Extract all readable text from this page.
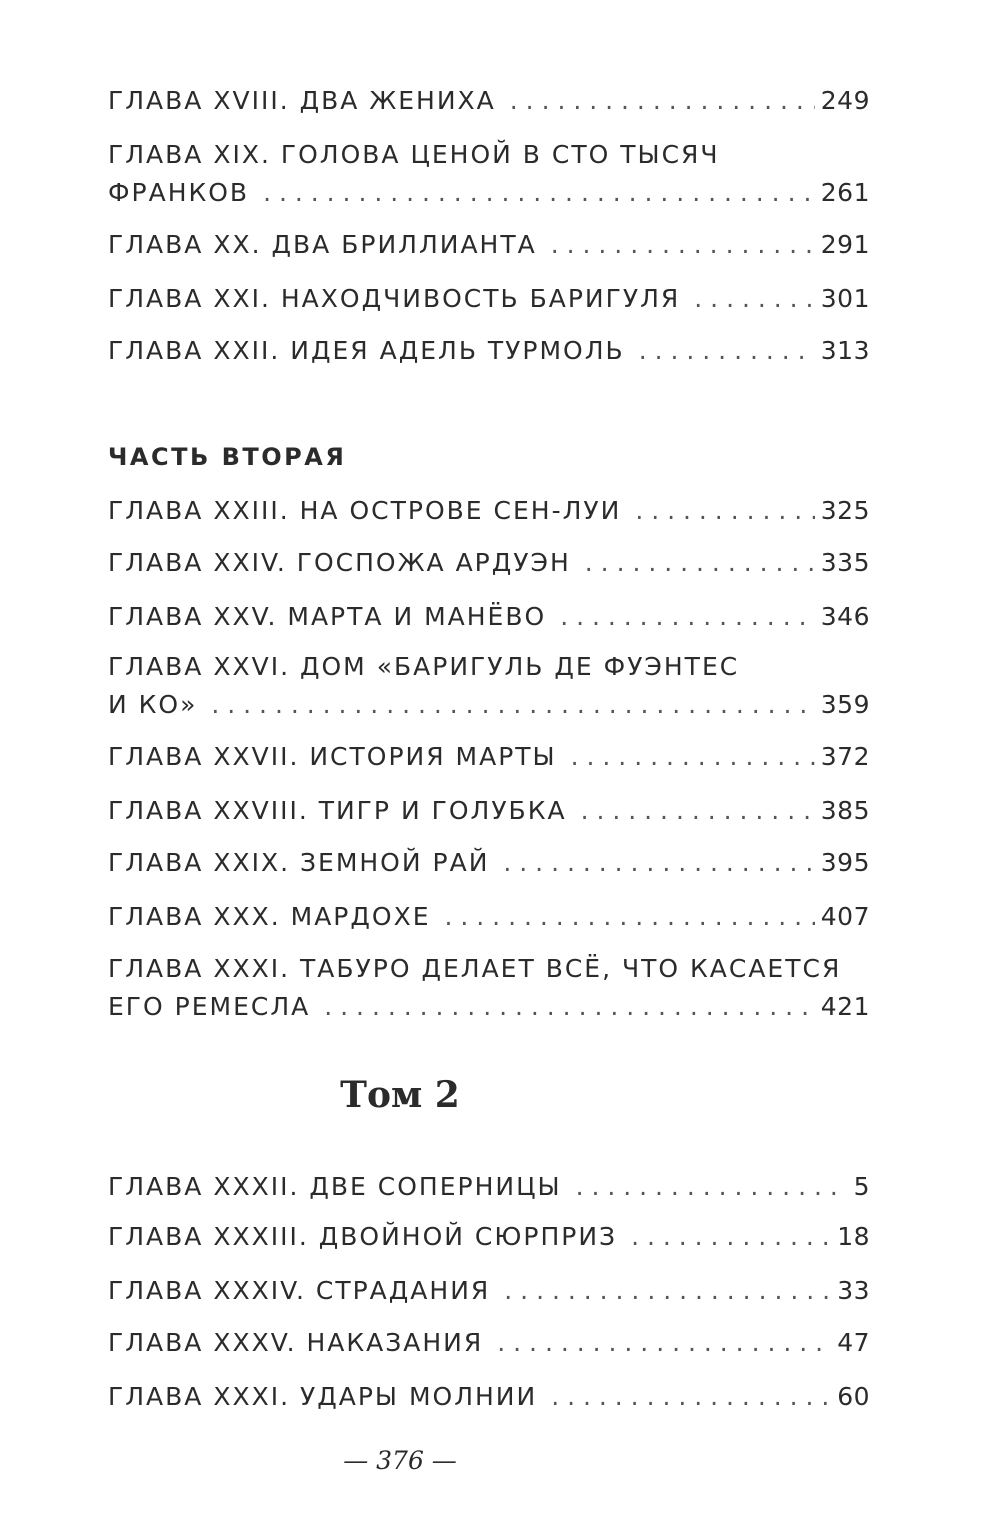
ГЛАВА XVIII. ДВА ЖЕНИХА . . .	249
ГЛАВА XIX. ГОЛОВА ЦЕНОЙ В СТО ТЫСЯЧ
ФРАНКОВ . . .	261
ГЛАВА XX. ДВА БРИЛЛИАНТА . . .	291
ГЛАВА XXI. НАХОДЧИВОСТЬ БАРИГУЛЯ . . .	301
ГЛАВА XXII. ИДЕЯ АДЕЛЬ ТУРМОЛЬ . . .	313
ЧАСТЬ ВТОРАЯ
ГЛАВА XXIII. НА ОСТРОВЕ СЕН-ЛУИ . . .	325
ГЛАВА XXIV. ГОСПОЖА АРДУЭН . . .	335
ГЛАВА XXV. МАРТА И МАНЁВО . . .	346
ГЛАВА XXVI. ДОМ «БАРИГУЛЬ ДЕ ФУЭНТЕС
И КО» . . .	359
ГЛАВА XXVII. ИСТОРИЯ МАРТЫ . . .	372
ГЛАВА XXVIII. ТИГР И ГОЛУБКА . . .	385
ГЛАВА XXIX. ЗЕМНОЙ РАЙ . . .	395
ГЛАВА XXX. МАРДОХЕ . . .	407
ГЛАВА XXXI. ТАБУРО ДЕЛАЕТ ВСЁ, ЧТО КАСАЕТСЯ
ЕГО РЕМЕСЛА . . .	421
Том 2
ГЛАВА XXXII. ДВЕ СОПЕРНИЦЫ . . .	5
ГЛАВА XXXIII. ДВОЙНОЙ СЮРПРИЗ . . .	18
ГЛАВА XXXIV. СТРАДАНИЯ . . .	33
ГЛАВА XXXV. НАКАЗАНИЯ . . .	47
ГЛАВА XXXI. УДАРЫ МОЛНИИ . . .	60
— 376 —
